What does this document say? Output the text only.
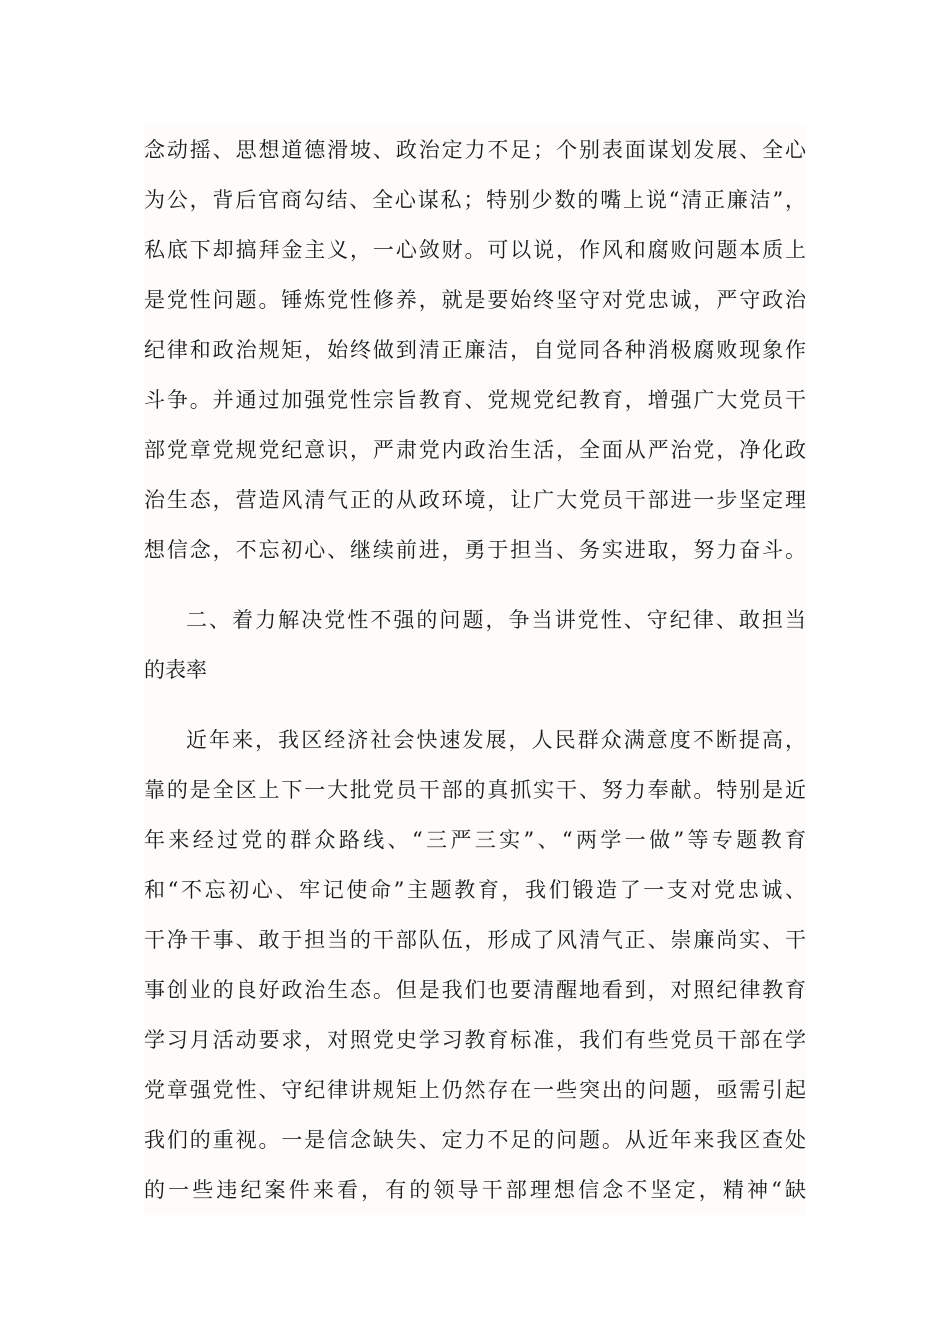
念动摇、思想道德滑坡、政治定力不足；个别表面谋划发展、全心
为公，背后官商勾结、全心谋私；特别少数的嘴上说“清正廉洁”，
私底下却搞拜金主义，一心敛财。可以说，作风和腐败问题本质上
是党性问题。锤炼党性修养，就是要始终坚守对党忠诚，严守政治
纪律和政治规矩，始终做到清正廉洁，自觉同各种消极腐败现象作
斗争。并通过加强党性宗旨教育、党规党纪教育，增强广大党员干
部党章党规党纪意识，严肃党内政治生活，全面从严治党，净化政
治生态，营造风清气正的从政环境，让广大党员干部进一步坚定理
想信念，不忘初心、继续前进，勇于担当、务实进取，努力奋斗。
二、着力解决党性不强的问题，争当讲党性、守纪律、敢担当
的表率
近年来，我区经济社会快速发展，人民群众满意度不断提高，
靠的是全区上下一大批党员干部的真抓实干、努力奉献。特别是近
年来经过党的群众路线、“三严三实”、“两学一做”等专题教育
和“不忘初心、牢记使命”主题教育，我们锻造了一支对党忠诚、
干净干事、敢于担当的干部队伍，形成了风清气正、崇廉尚实、干
事创业的良好政治生态。但是我们也要清醒地看到，对照纪律教育
学习月活动要求，对照党史学习教育标准，我们有些党员干部在学
党章强党性、守纪律讲规矩上仍然存在一些突出的问题，亟需引起
我们的重视。一是信念缺失、定力不足的问题。从近年来我区查处
的一些违纪案件来看，有的领导干部理想信念不坚定，精神“缺
